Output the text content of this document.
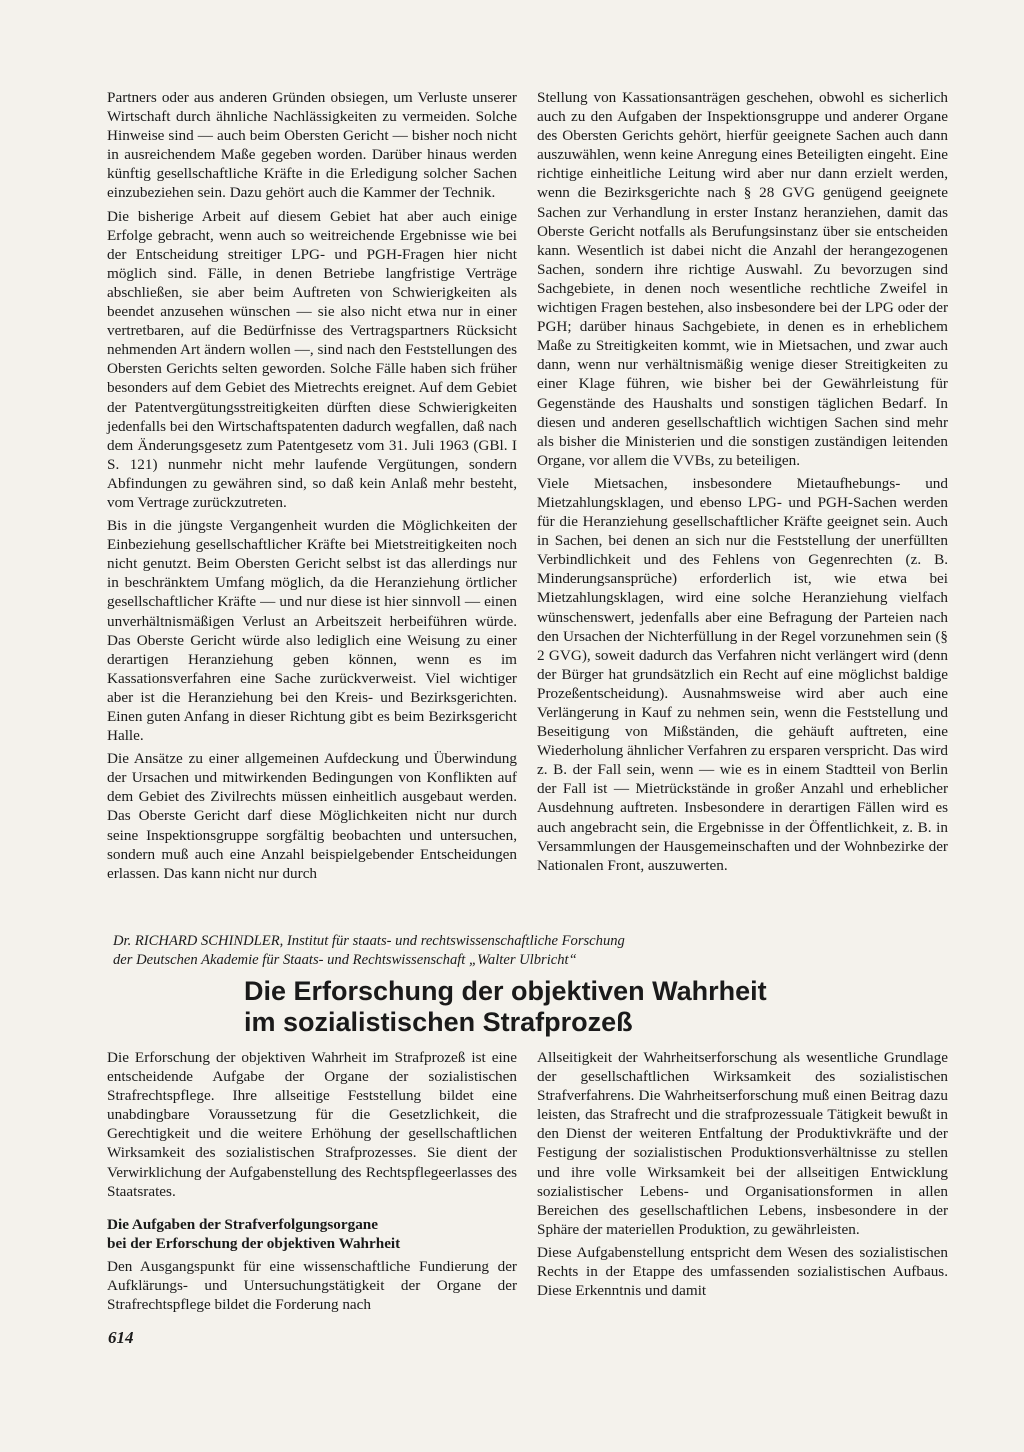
Partners oder aus anderen Gründen obsiegen, um Verluste unserer Wirtschaft durch ähnliche Nachlässigkeiten zu vermeiden. Solche Hinweise sind — auch beim Obersten Gericht — bisher noch nicht in ausreichendem Maße gegeben worden. Darüber hinaus werden künftig gesellschaftliche Kräfte in die Erledigung solcher Sachen einzubeziehen sein. Dazu gehört auch die Kammer der Technik.

Die bisherige Arbeit auf diesem Gebiet hat aber auch einige Erfolge gebracht, wenn auch so weitreichende Ergebnisse wie bei der Entscheidung streitiger LPG- und PGH-Fragen hier nicht möglich sind. Fälle, in denen Betriebe langfristige Verträge abschließen, sie aber beim Auftreten von Schwierigkeiten als beendet anzusehen wünschen — sie also nicht etwa nur in einer vertretbaren, auf die Bedürfnisse des Vertragspartners Rücksicht nehmenden Art ändern wollen —, sind nach den Feststellungen des Obersten Gerichts selten geworden. Solche Fälle haben sich früher besonders auf dem Gebiet des Mietrechts ereignet. Auf dem Gebiet der Patentvergütungsstreitigkeiten dürften diese Schwierigkeiten jedenfalls bei den Wirtschaftspatenten dadurch wegfallen, daß nach dem Änderungsgesetz zum Patentgesetz vom 31. Juli 1963 (GBl. I S. 121) nunmehr nicht mehr laufende Vergütungen, sondern Abfindungen zu gewähren sind, so daß kein Anlaß mehr besteht, vom Vertrage zurückzutreten.

Bis in die jüngste Vergangenheit wurden die Möglichkeiten der Einbeziehung gesellschaftlicher Kräfte bei Mietstreitigkeiten noch nicht genutzt. Beim Obersten Gericht selbst ist das allerdings nur in beschränktem Umfang möglich, da die Heranziehung örtlicher gesellschaftlicher Kräfte — und nur diese ist hier sinnvoll — einen unverhältnismäßigen Verlust an Arbeitszeit herbeiführen würde. Das Oberste Gericht würde also lediglich eine Weisung zu einer derartigen Heranziehung geben können, wenn es im Kassationsverfahren eine Sache zurückverweist. Viel wichtiger aber ist die Heranziehung bei den Kreis- und Bezirksgerichten. Einen guten Anfang in dieser Richtung gibt es beim Bezirksgericht Halle.

Die Ansätze zu einer allgemeinen Aufdeckung und Überwindung der Ursachen und mitwirkenden Bedingungen von Konflikten auf dem Gebiet des Zivilrechts müssen einheitlich ausgebaut werden. Das Oberste Gericht darf diese Möglichkeiten nicht nur durch seine Inspektionsgruppe sorgfältig beobachten und untersuchen, sondern muß auch eine Anzahl beispielgebender Entscheidungen erlassen. Das kann nicht nur durch

Stellung von Kassationsanträgen geschehen, obwohl es sicherlich auch zu den Aufgaben der Inspektionsgruppe und anderer Organe des Obersten Gerichts gehört, hierfür geeignete Sachen auch dann auszuwählen, wenn keine Anregung eines Beteiligten eingeht. Eine richtige einheitliche Leitung wird aber nur dann erzielt werden, wenn die Bezirksgerichte nach § 28 GVG genügend geeignete Sachen zur Verhandlung in erster Instanz heranziehen, damit das Oberste Gericht notfalls als Berufungsinstanz über sie entscheiden kann. Wesentlich ist dabei nicht die Anzahl der herangezogenen Sachen, sondern ihre richtige Auswahl. Zu bevorzugen sind Sachgebiete, in denen noch wesentliche rechtliche Zweifel in wichtigen Fragen bestehen, also insbesondere bei der LPG oder der PGH; darüber hinaus Sachgebiete, in denen es in erheblichem Maße zu Streitigkeiten kommt, wie in Mietsachen, und zwar auch dann, wenn nur verhältnismäßig wenige dieser Streitigkeiten zu einer Klage führen, wie bisher bei der Gewährleistung für Gegenstände des Haushalts und sonstigen täglichen Bedarf. In diesen und anderen gesellschaftlich wichtigen Sachen sind mehr als bisher die Ministerien und die sonstigen zuständigen leitenden Organe, vor allem die VVBs, zu beteiligen.

Viele Mietsachen, insbesondere Mietaufhebungs- und Mietzahlungsklagen, und ebenso LPG- und PGH-Sachen werden für die Heranziehung gesellschaftlicher Kräfte geeignet sein. Auch in Sachen, bei denen an sich nur die Feststellung der unerfüllten Verbindlichkeit und des Fehlens von Gegenrechten (z. B. Minderungsansprüche) erforderlich ist, wie etwa bei Mietzahlungsklagen, wird eine solche Heranziehung vielfach wünschenswert, jedenfalls aber eine Befragung der Parteien nach den Ursachen der Nichterfüllung in der Regel vorzunehmen sein (§ 2 GVG), soweit dadurch das Verfahren nicht verlängert wird (denn der Bürger hat grundsätzlich ein Recht auf eine möglichst baldige Prozeßentscheidung). Ausnahmsweise wird aber auch eine Verlängerung in Kauf zu nehmen sein, wenn die Feststellung und Beseitigung von Mißständen, die gehäuft auftreten, eine Wiederholung ähnlicher Verfahren zu ersparen verspricht. Das wird z. B. der Fall sein, wenn — wie es in einem Stadtteil von Berlin der Fall ist — Mietrückstände in großer Anzahl und erheblicher Ausdehnung auftreten. Insbesondere in derartigen Fällen wird es auch angebracht sein, die Ergebnisse in der Öffentlichkeit, z. B. in Versammlungen der Hausgemeinschaften und der Wohnbezirke der Nationalen Front, auszuwerten.

Dr. RICHARD SCHINDLER, Institut für staats- und rechtswissenschaftliche Forschung
der Deutschen Akademie für Staats- und Rechtswissenschaft „Walter Ulbricht“
Die Erforschung der objektiven Wahrheit
im sozialistischen Strafprozeß

Die Erforschung der objektiven Wahrheit im Strafprozeß ist eine entscheidende Aufgabe der Organe der sozialistischen Strafrechtspflege. Ihre allseitige Feststellung bildet eine unabdingbare Voraussetzung für die Gesetzlichkeit, die Gerechtigkeit und die weitere Erhöhung der gesellschaftlichen Wirksamkeit des sozialistischen Strafprozesses. Sie dient der Verwirklichung der Aufgabenstellung des Rechtspflegeerlasses des Staatsrates.

Die Aufgaben der Strafverfolgungsorgane
bei der Erforschung der objektiven Wahrheit

Den Ausgangspunkt für eine wissenschaftliche Fundierung der Aufklärungs- und Untersuchungstätigkeit der Organe der Strafrechtspflege bildet die Forderung nach

Allseitigkeit der Wahrheitserforschung als wesentliche Grundlage der gesellschaftlichen Wirksamkeit des sozialistischen Strafverfahrens. Die Wahrheitserforschung muß einen Beitrag dazu leisten, das Strafrecht und die strafprozessuale Tätigkeit bewußt in den Dienst der weiteren Entfaltung der Produktivkräfte und der Festigung der sozialistischen Produktionsverhältnisse zu stellen und ihre volle Wirksamkeit bei der allseitigen Entwicklung sozialistischer Lebens- und Organisationsformen in allen Bereichen des gesellschaftlichen Lebens, insbesondere in der Sphäre der materiellen Produktion, zu gewährleisten.

Diese Aufgabenstellung entspricht dem Wesen des sozialistischen Rechts in der Etappe des umfassenden sozialistischen Aufbaus. Diese Erkenntnis und damit

614
